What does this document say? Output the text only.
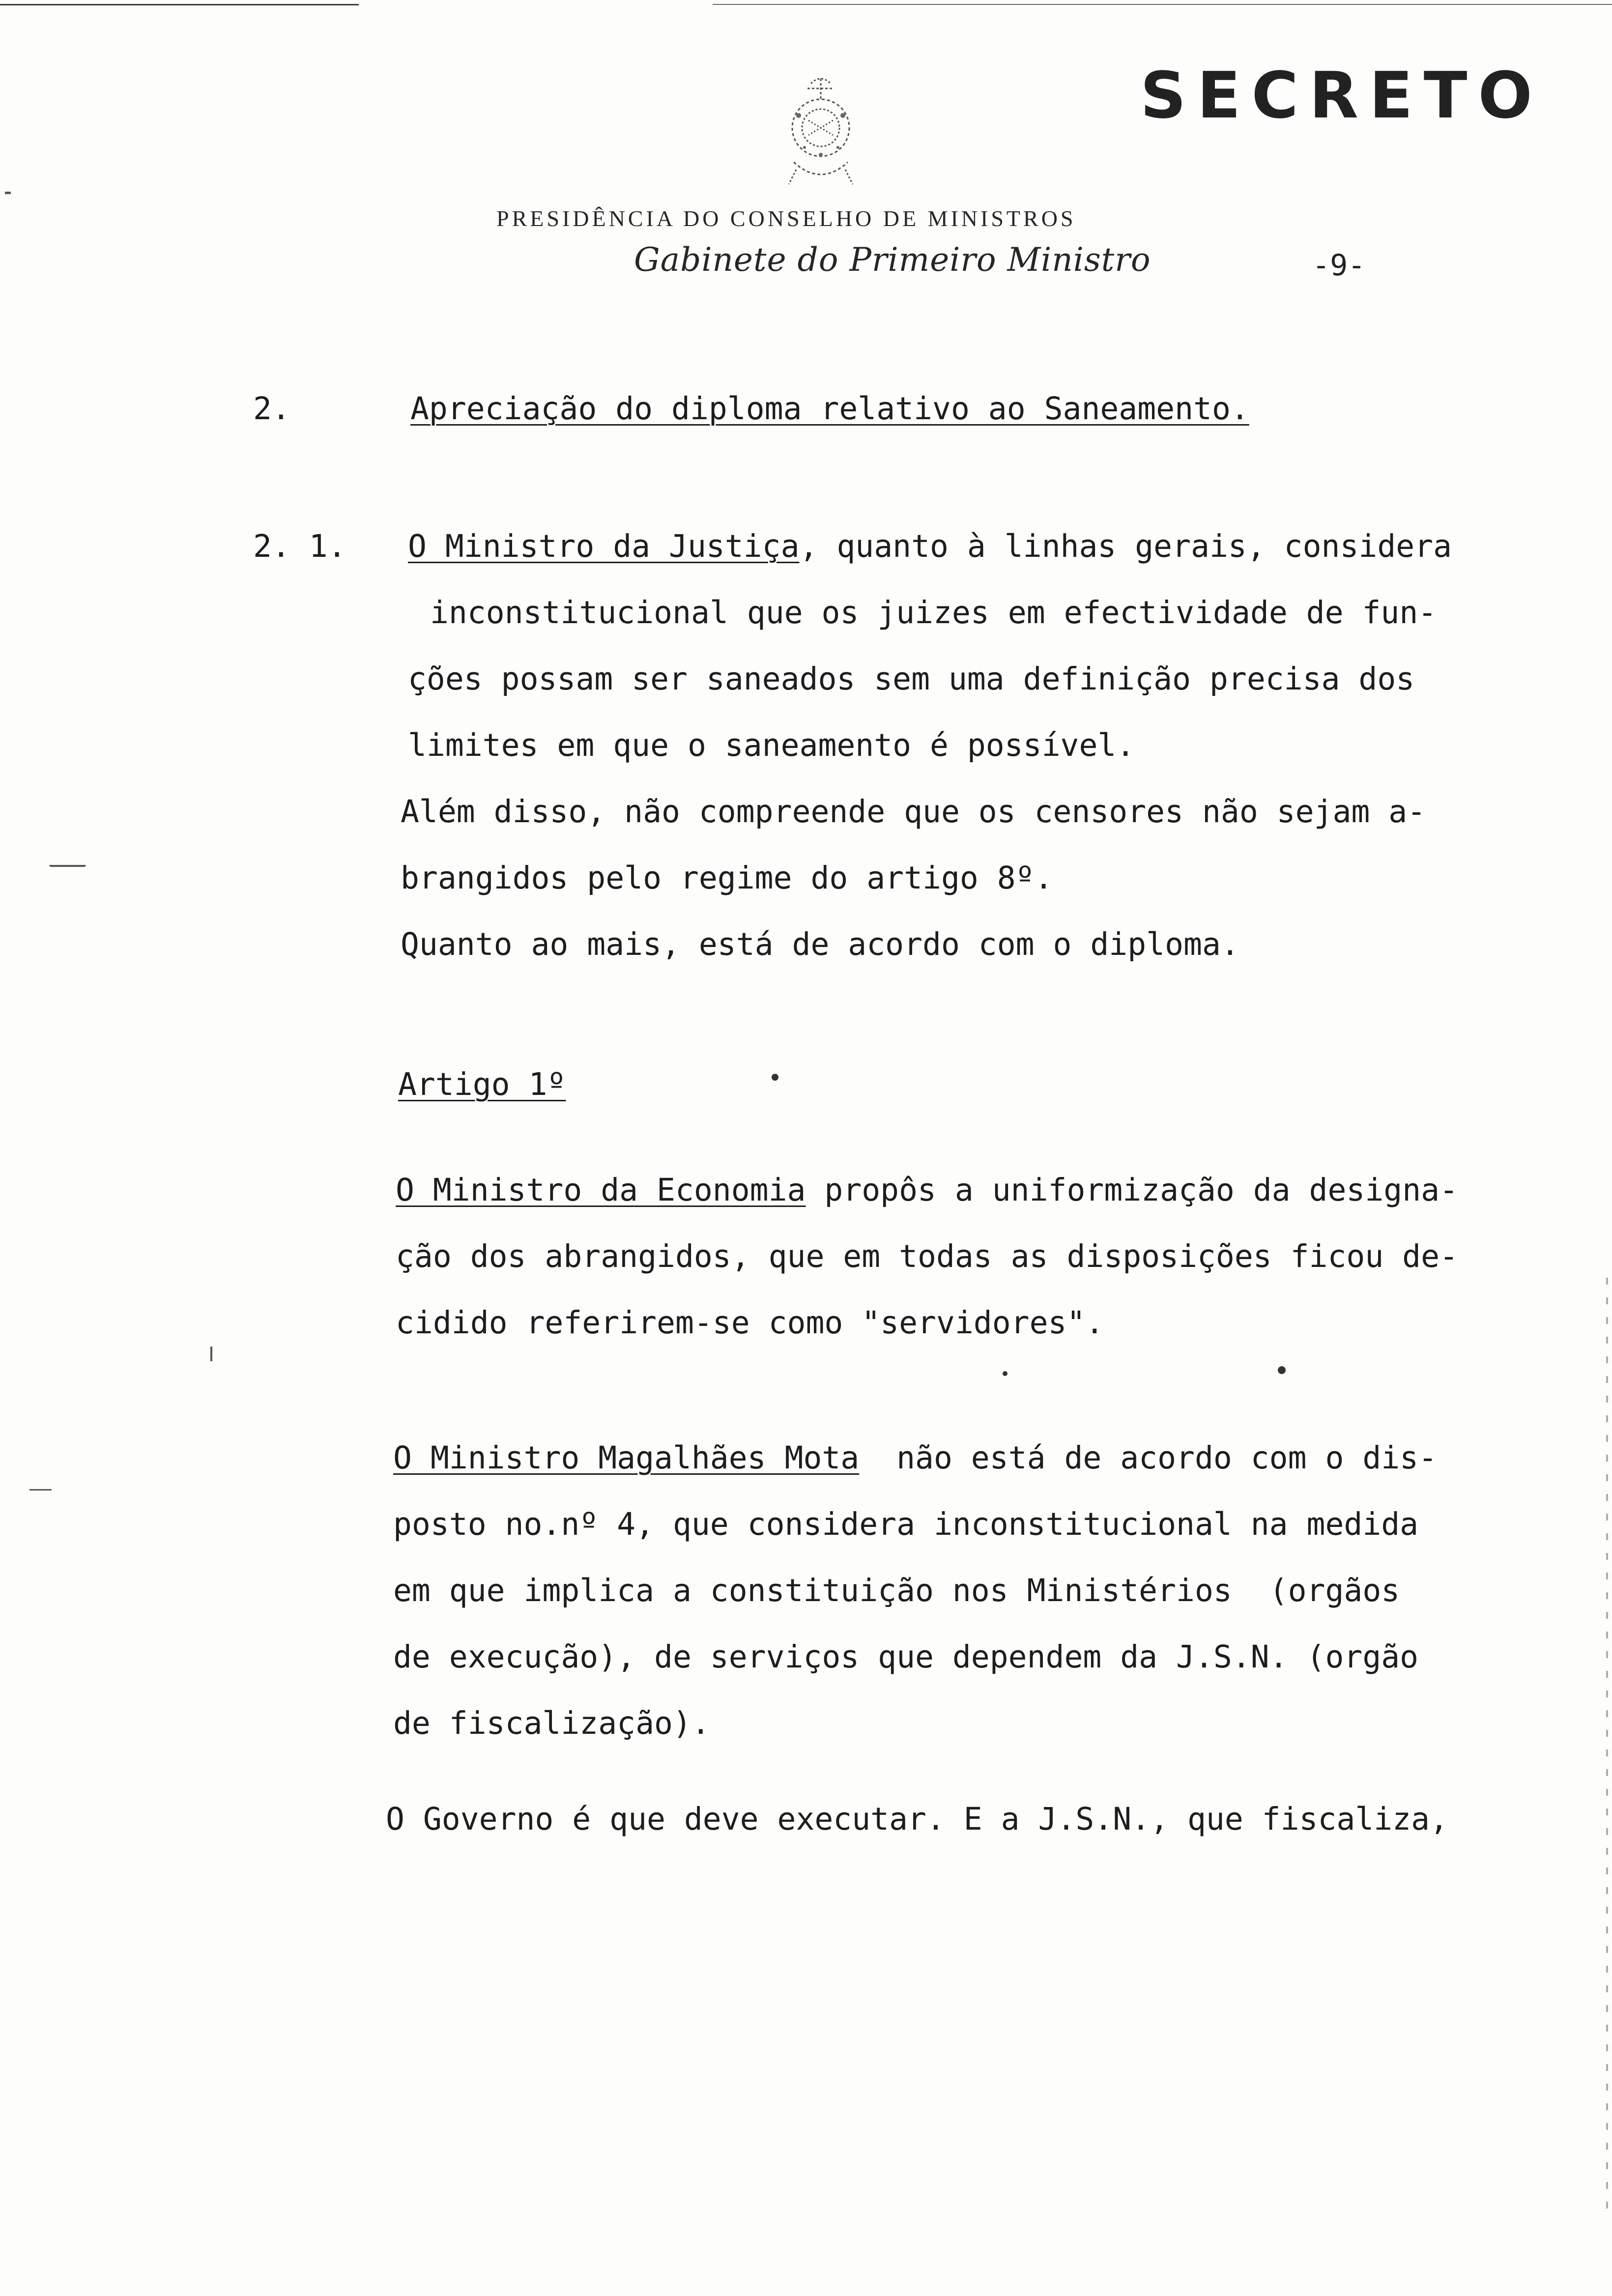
SECRETO
PRESIDÊNCIA DO CONSELHO DE MINISTROS
Gabinete do Primeiro Ministro	-9-
2.	Apreciação do diploma relativo ao Saneamento.
2. 1. O Ministro da Justiça, quanto à linhas gerais, considera
inconstitucional que os juizes em efectividade de fun-
ções possam ser saneados sem uma definição precisa dos
limites em que o saneamento é possível.
Além disso, não compreende que os censores não sejam a-
brangidos pelo regime do artigo 8º.
Quanto ao mais, está de acordo com o diploma.
Artigo 1º
O Ministro da Economia propôs a uniformização da designa-
ção dos abrangidos, que em todas as disposições ficou de-
cidido referirem-se como "servidores".
O Ministro Magalhães Mota  não está de acordo com o dis-
posto no.nº 4, que considera inconstitucional na medida
em que implica a constituição nos Ministérios  (orgãos
de execução), de serviços que dependem da J.S.N. (orgão
de fiscalização).
O Governo é que deve executar. E a J.S.N., que fiscaliza,
